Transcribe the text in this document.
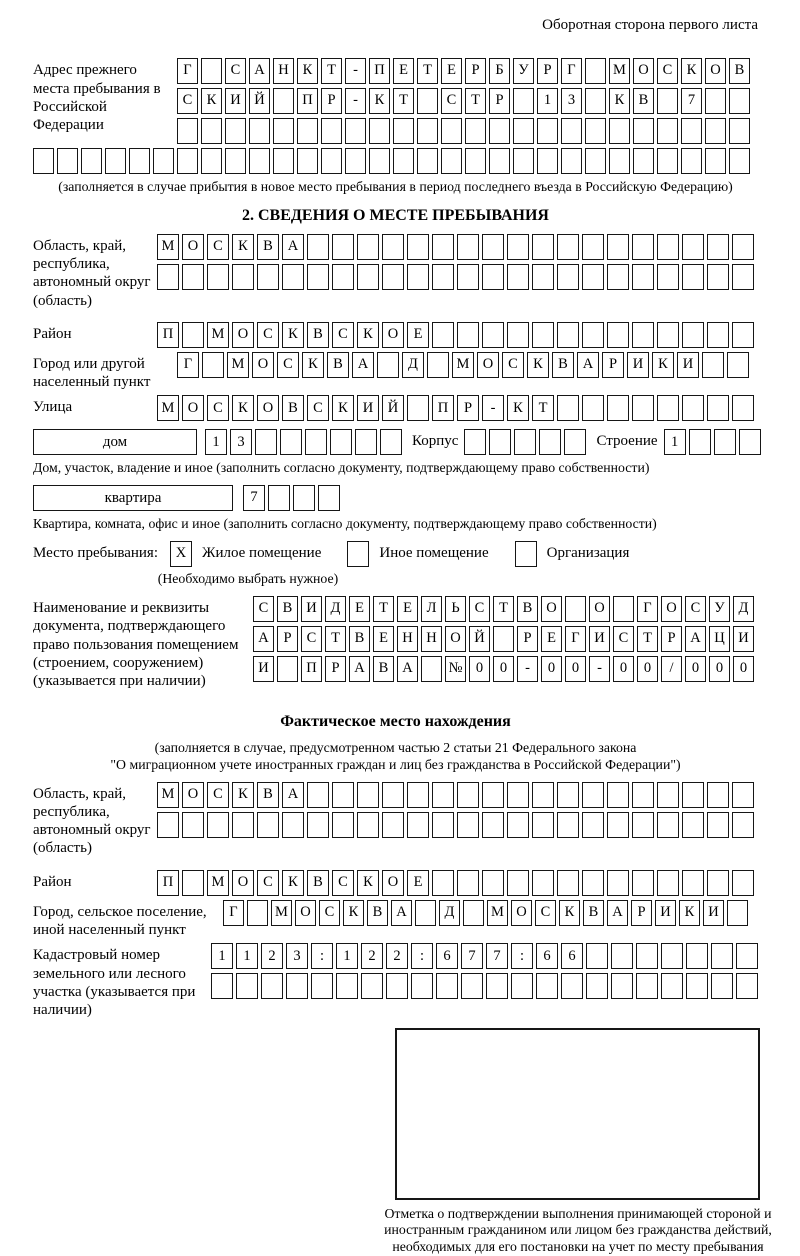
Оборотная сторона первого листа
Адрес прежнего места пребывания в Российской Федерации
Г	С А Н К	Т	-	П Е	Т	Е	Р	Б	У	Р	Г	М О С К О В
С К И Й	П	Р	-	К	Т	С	Т	Р	1	3	К В	7
(заполняется в случае прибытия в новое место пребывания в период последнего въезда в Российскую Федерацию)
2. СВЕДЕНИЯ О МЕСТЕ ПРЕБЫВАНИЯ
Область, край, республика, автономный округ (область)
М О	С	К	В	А
Район	П	М О	С	К	В	С	К	О	Е
Город или другой населенный пункт
Г	М О	С	К	В	А	Д	М О	С	К	В	А	Р	И	К	И
Улица	М О	С	К	О	В	С	К	И	Й	П	Р	-	К	Т
дом	1	3	Корпус	Строение 1
Дом, участок, владение и иное (заполнить согласно документу, подтверждающему право собственности)
квартира	7
Квартира, комната, офис и иное (заполнить согласно документу, подтверждающему право собственности)
Место пребывания:	X	Жилое помещение	Иное помещение	Организация
(Необходимо выбрать нужное)
Наименование и реквизиты документа, подтверждающего право пользования помещением (строением, сооружением) (указывается при наличии)
С В И Д	Е	Т	Е	Л	Ь	С	Т	В О	О	Г	О С У Д
А	Р	С	Т	В	Е Н Н О Й	Р	Е	Г	И С	Т	Р	А Ц И
И	П	Р	А В А	№ 0	0	-	0	0	-	0	0	/	0	0	0
Фактическое место нахождения
(заполняется в случае, предусмотренном частью 2 статьи 21 Федерального закона
"О миграционном учете иностранных граждан и лиц без гражданства в Российской Федерации")
Область, край, республика, автономный округ (область)
М О	С	К	В	А
Район	П	М О	С	К	В	С	К	О	Е
Город, сельское поселение, иной населенный пункт
Г	М О С К В А	Д	М О С К В А	Р	И К И
Кадастровый номер земельного или лесного участка (указывается при наличии)
1	1	2	3	:	1	2	2	:	6	7	7	:	6	6
Отметка о подтверждении выполнения принимающей стороной и иностранным гражданином или лицом без гражданства действий, необходимых для его постановки на учет по месту пребывания
